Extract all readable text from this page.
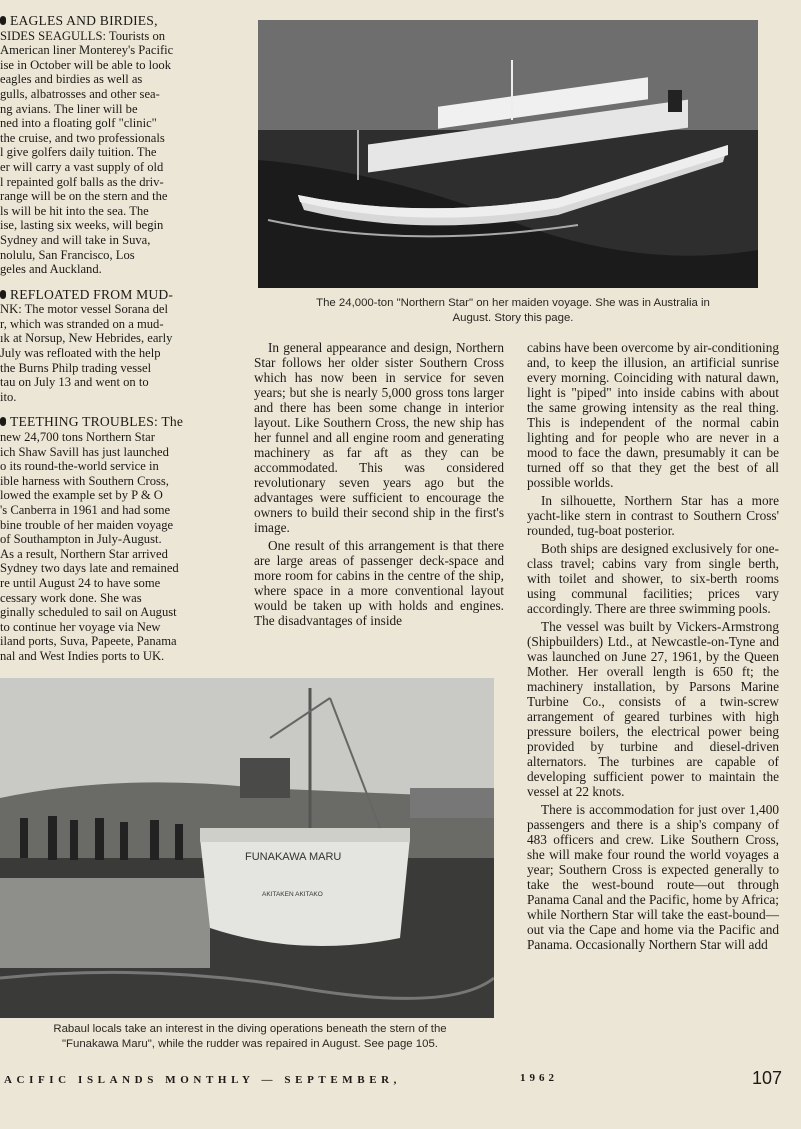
EAGLES AND BIRDIES,
SIDES SEAGULLS: Tourists on
American liner Monterey's Pacific
ise in October will be able to look
eagles and birdies as well as
gulls, albatrosses and other sea-
ng avians. The liner will be
ned into a floating golf "clinic"
the cruise, and two professionals
l give golfers daily tuition. The
er will carry a vast supply of old
l repainted golf balls as the driv-
range will be on the stern and the
ls will be hit into the sea. The
ise, lasting six weeks, will begin
Sydney and will take in Suva,
nolulu, San Francisco, Los
geles and Auckland.
REFLOATED FROM MUD-
NK: The motor vessel Sorana del
r, which was stranded on a mud-
ık at Norsup, New Hebrides, early
July was refloated with the help
the Burns Philp trading vessel
tau on July 13 and went on to
ito.
TEETHING TROUBLES: The
new 24,700 tons Northern Star
ich Shaw Savill has just launched
o its round-the-world service in
ible harness with Southern Cross,
lowed the example set by P & O
's Canberra in 1961 and had some
bine trouble of her maiden voyage
of Southampton in July-August.
As a result, Northern Star arrived
Sydney two days late and remained
re until August 24 to have some
cessary work done. She was
ginally scheduled to sail on August
to continue her voyage via New
iland ports, Suva, Papeete, Panama
nal and West Indies ports to UK.
The 24,000-ton "Northern Star" on her maiden voyage. She was in Australia in
August. Story this page.

In general appearance and design, Northern Star follows her older sister Southern Cross which has now been in service for seven years; but she is nearly 5,000 gross tons larger and there has been some change in interior layout. Like Southern Cross, the new ship has her funnel and all engine room and generating machinery as far aft as they can be accommodated. This was considered revolutionary seven years ago but the advantages were sufficient to encourage the owners to build their second ship in the first's image.

One result of this arrangement is that there are large areas of passenger deck-space and more room for cabins in the centre of the ship, where space in a more conventional layout would be taken up with holds and engines. The disadvantages of inside

cabins have been overcome by air-conditioning and, to keep the illusion, an artificial sunrise every morning. Coinciding with natural dawn, light is "piped" into inside cabins with about the same growing intensity as the real thing. This is independent of the normal cabin lighting and for people who are never in a mood to face the dawn, presumably it can be turned off so that they get the best of all possible worlds.

In silhouette, Northern Star has a more yacht-like stern in contrast to Southern Cross' rounded, tug-boat posterior.

Both ships are designed exclusively for one-class travel; cabins vary from single berth, with toilet and shower, to six-berth rooms using communal facilities; prices vary accordingly. There are three swimming pools.

The vessel was built by Vickers-Armstrong (Shipbuilders) Ltd., at Newcastle-on-Tyne and was launched on June 27, 1961, by the Queen Mother. Her overall length is 650 ft; the machinery installation, by Parsons Marine Turbine Co., consists of a twin-screw arrangement of geared turbines with high pressure boilers, the electrical power being provided by turbine and diesel-driven alternators. The turbines are capable of developing sufficient power to maintain the vessel at 22 knots.

There is accommodation for just over 1,400 passengers and there is a ship's company of 483 officers and crew. Like Southern Cross, she will make four round the world voyages a year; Southern Cross is expected generally to take the west-bound route—out through Panama Canal and the Pacific, home by Africa; while Northern Star will take the east-bound—out via the Cape and home via the Pacific and Panama. Occasionally Northern Star will add

FUNAKAWA MARU
AKITAKEN AKITAKO
Rabaul locals take an interest in the diving operations beneath the stern of the
"Funakawa Maru", while the rudder was repaired in August. See page 105.
ACIFIC ISLANDS MONTHLY — SEPTEMBER,	1962	107
